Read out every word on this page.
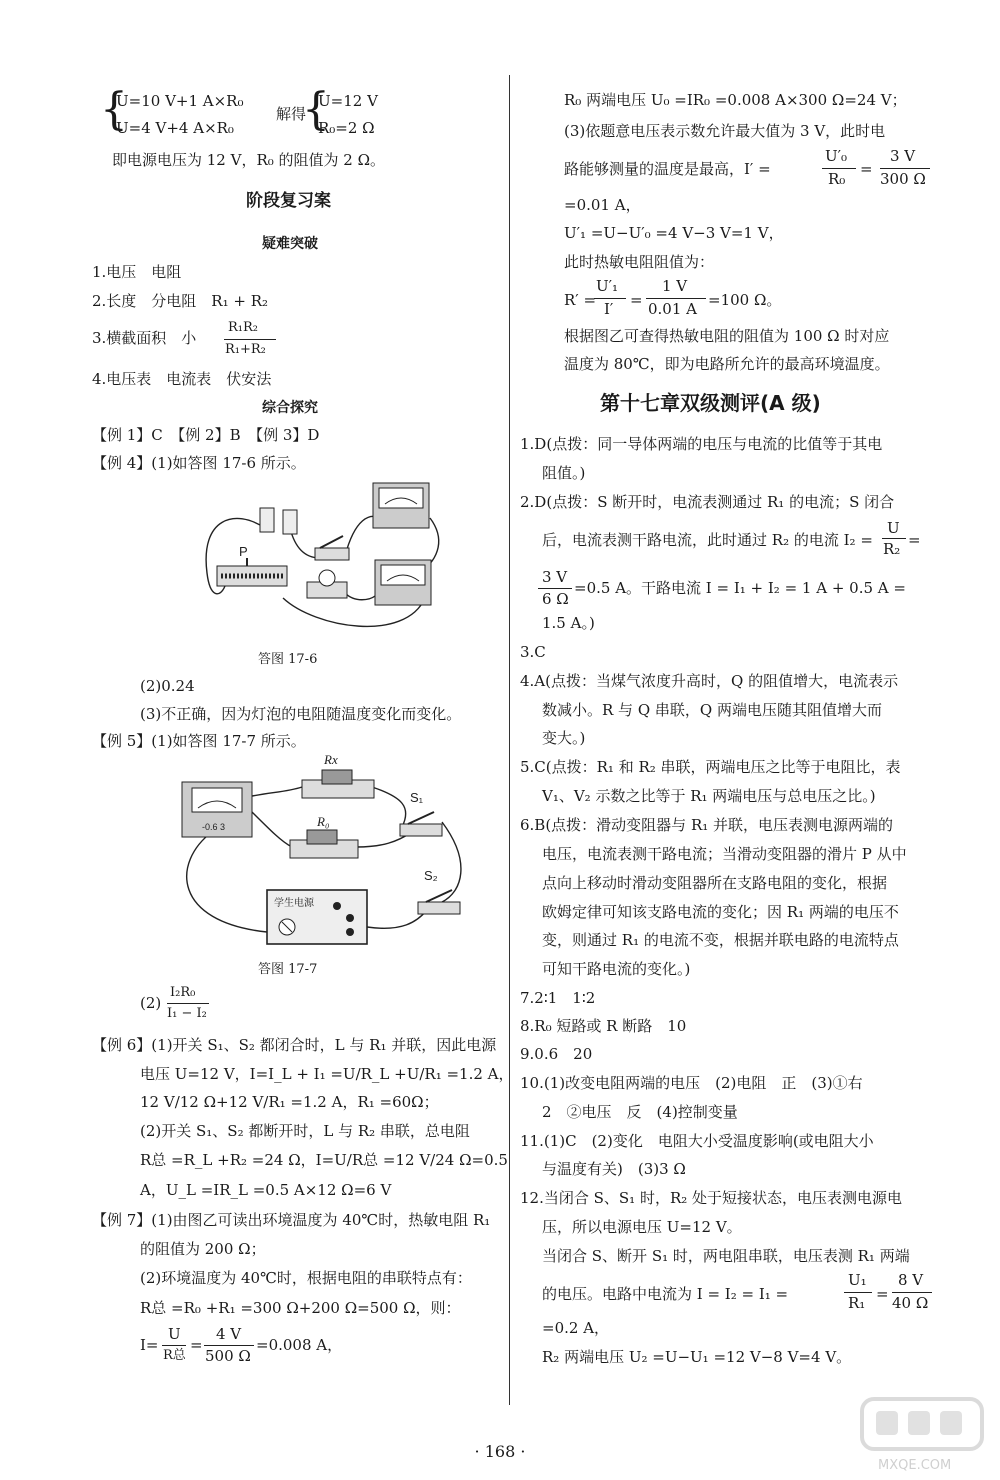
{
U=10 V+1 A×R₀
U=4 V+4 A×R₀
解得
{
U=12 V
R₀=2 Ω
即电源电压为 12 V，R₀ 的阻值为 2 Ω。
阶段复习案
疑难突破
1.电压　电阻
2.长度　分电阻　R₁ + R₂
3.横截面积　小
R₁R₂
R₁+R₂
4.电压表　电流表　伏安法
综合探究
【例 1】C　【例 2】B　【例 3】D
【例 4】(1)如答图 17-6 所示。
P
答图 17-6
(2)0.24
(3)不正确，因为灯泡的电阻随温度变化而变化。
【例 5】(1)如答图 17-7 所示。
-0.6 3
Rx
R₀
S₁
S₂
学生电源
答图 17-7
(2)
I₂R₀
I₁ − I₂
【例 6】(1)开关 S₁、S₂ 都闭合时，L 与 R₁ 并联，因此电源
电压 U=12 V，I=I_L + I₁ =U/R_L +U/R₁ =1.2 A，
12 V/12 Ω+12 V/R₁ =1.2 A，R₁ =60Ω；
(2)开关 S₁、S₂ 都断开时，L 与 R₂ 串联，总电阻
R总 =R_L +R₂ =24 Ω，I=U/R总 =12 V/24 Ω=0.5
A，U_L =IR_L =0.5 A×12 Ω=6 V
【例 7】(1)由图乙可读出环境温度为 40℃时，热敏电阻 R₁
的阻值为 200 Ω；
(2)环境温度为 40℃时，根据电阻的串联特点有：
R总 =R₀ +R₁ =300 Ω+200 Ω=500 Ω，则：
I=
U
R总
=
4 V
500 Ω
=0.008 A，
R₀ 两端电压 U₀ =IR₀ =0.008 A×300 Ω=24 V；
(3)依题意电压表示数允许最大值为 3 V，此时电
路能够测量的温度是最高，I′ =
U′₀
R₀
=
3 V
300 Ω
=0.01 A，
U′₁ =U−U′₀ =4 V−3 V=1 V，
此时热敏电阻阻值为：
R′ =
U′₁
I′ =
1 V
0.01 A =100 Ω。
根据图乙可查得热敏电阻的阻值为 100 Ω 时对应
温度为 80℃，即为电路所允许的最高环境温度。
第十七章双级测评(A 级)
1.D(点拨：同一导体两端的电压与电流的比值等于其电
阻值。)
2.D(点拨：S 断开时，电流表测通过 R₁ 的电流；S 闭合
后，电流表测干路电流，此时通过 R₂ 的电流 I₂ =
U
R₂ =
3 V
6 Ω
=0.5 A。干路电流 I = I₁ + I₂ = 1 A + 0.5 A =
1.5 A。)
3.C
4.A(点拨：当煤气浓度升高时，Q 的阻值增大，电流表示
数减小。R 与 Q 串联，Q 两端电压随其阻值增大而
变大。)
5.C(点拨：R₁ 和 R₂ 串联，两端电压之比等于电阻比，表
V₁、V₂ 示数之比等于 R₁ 两端电压与总电压之比。)
6.B(点拨：滑动变阻器与 R₁ 并联，电压表测电源两端的
电压，电流表测干路电流；当滑动变阻器的滑片 P 从中
点向上移动时滑动变阻器所在支路电阻的变化，根据
欧姆定律可知该支路电流的变化；因 R₁ 两端的电压不
变，则通过 R₁ 的电流不变，根据并联电路的电流特点
可知干路电流的变化。)
7.2∶1　1∶2
8.R₀ 短路或 R 断路　10
9.0.6　20
10.(1)改变电阻两端的电压　(2)电阻　正　(3)①右
2　②电压　反　(4)控制变量
11.(1)C　(2)变化　电阻大小受温度影响(或电阻大小
与温度有关)　(3)3 Ω
12.当闭合 S、S₁ 时，R₂ 处于短接状态，电压表测电源电
压，所以电源电压 U=12 V。
当闭合 S、断开 S₁ 时，两电阻串联，电压表测 R₁ 两端
的电压。电路中电流为 I = I₂ = I₁ =
U₁
R₁ =
8 V
40 Ω
=0.2 A，
R₂ 两端电压 U₂ =U−U₁ =12 V−8 V=4 V。
· 168 ·
MXQE.COM
